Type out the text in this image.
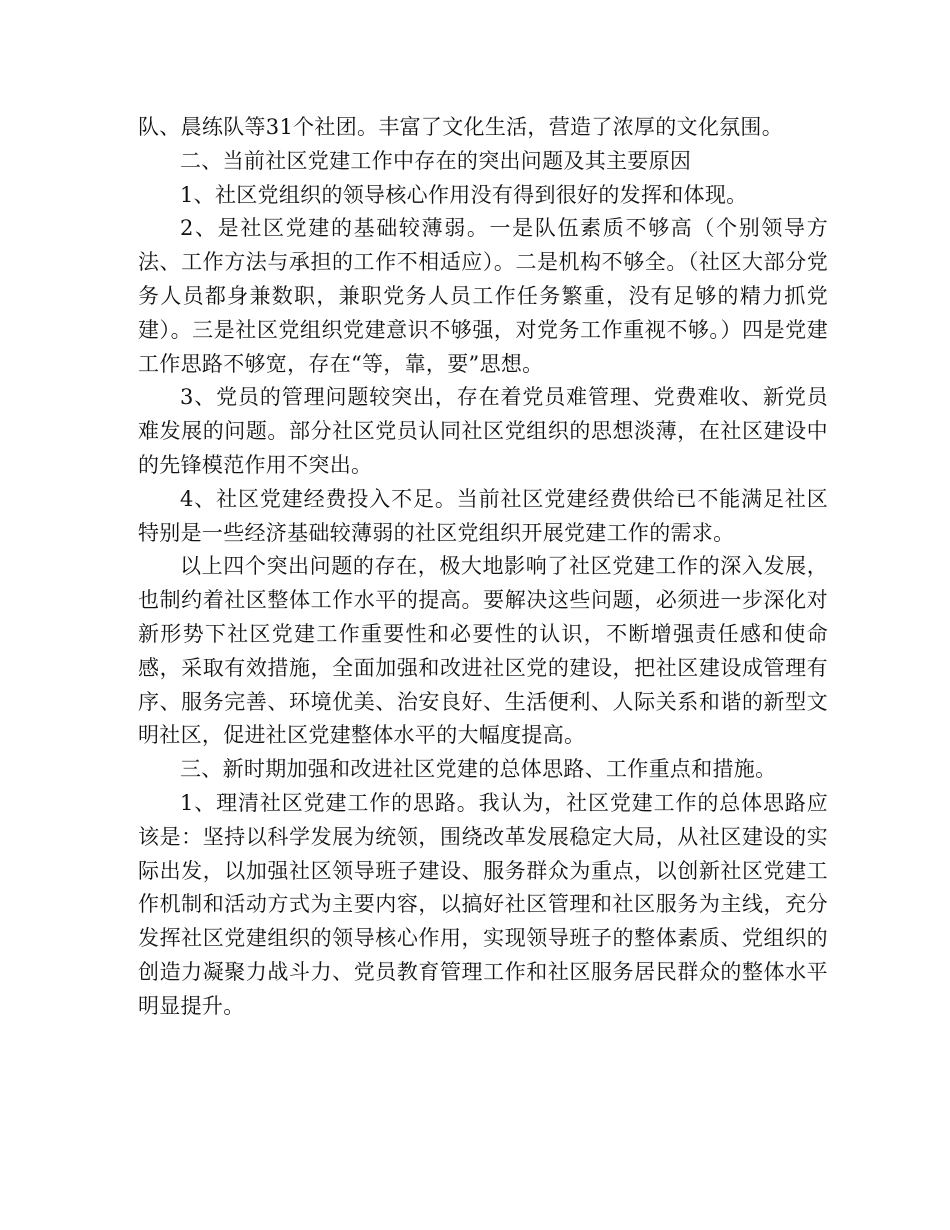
队、晨练队等31个社团。丰富了文化生活，营造了浓厚的文化氛围。

二、当前社区党建工作中存在的突出问题及其主要原因

1、社区党组织的领导核心作用没有得到很好的发挥和体现。

2、是社区党建的基础较薄弱。一是队伍素质不够高（个别领导方法、工作方法与承担的工作不相适应）。二是机构不够全。（社区大部分党务人员都身兼数职，兼职党务人员工作任务繁重，没有足够的精力抓党建）。三是社区党组织党建意识不够强，对党务工作重视不够。）四是党建工作思路不够宽，存在“等，靠，要”思想。

3、党员的管理问题较突出，存在着党员难管理、党费难收、新党员难发展的问题。部分社区党员认同社区党组织的思想淡薄，在社区建设中的先锋模范作用不突出。

4、社区党建经费投入不足。当前社区党建经费供给已不能满足社区特别是一些经济基础较薄弱的社区党组织开展党建工作的需求。

以上四个突出问题的存在，极大地影响了社区党建工作的深入发展，也制约着社区整体工作水平的提高。要解决这些问题，必须进一步深化对新形势下社区党建工作重要性和必要性的认识，不断增强责任感和使命感，采取有效措施，全面加强和改进社区党的建设，把社区建设成管理有序、服务完善、环境优美、治安良好、生活便利、人际关系和谐的新型文明社区，促进社区党建整体水平的大幅度提高。

三、新时期加强和改进社区党建的总体思路、工作重点和措施。

1、理清社区党建工作的思路。我认为，社区党建工作的总体思路应该是：坚持以科学发展为统领，围绕改革发展稳定大局，从社区建设的实际出发，以加强社区领导班子建设、服务群众为重点，以创新社区党建工作机制和活动方式为主要内容，以搞好社区管理和社区服务为主线，充分发挥社区党建组织的领导核心作用，实现领导班子的整体素质、党组织的创造力凝聚力战斗力、党员教育管理工作和社区服务居民群众的整体水平明显提升。
